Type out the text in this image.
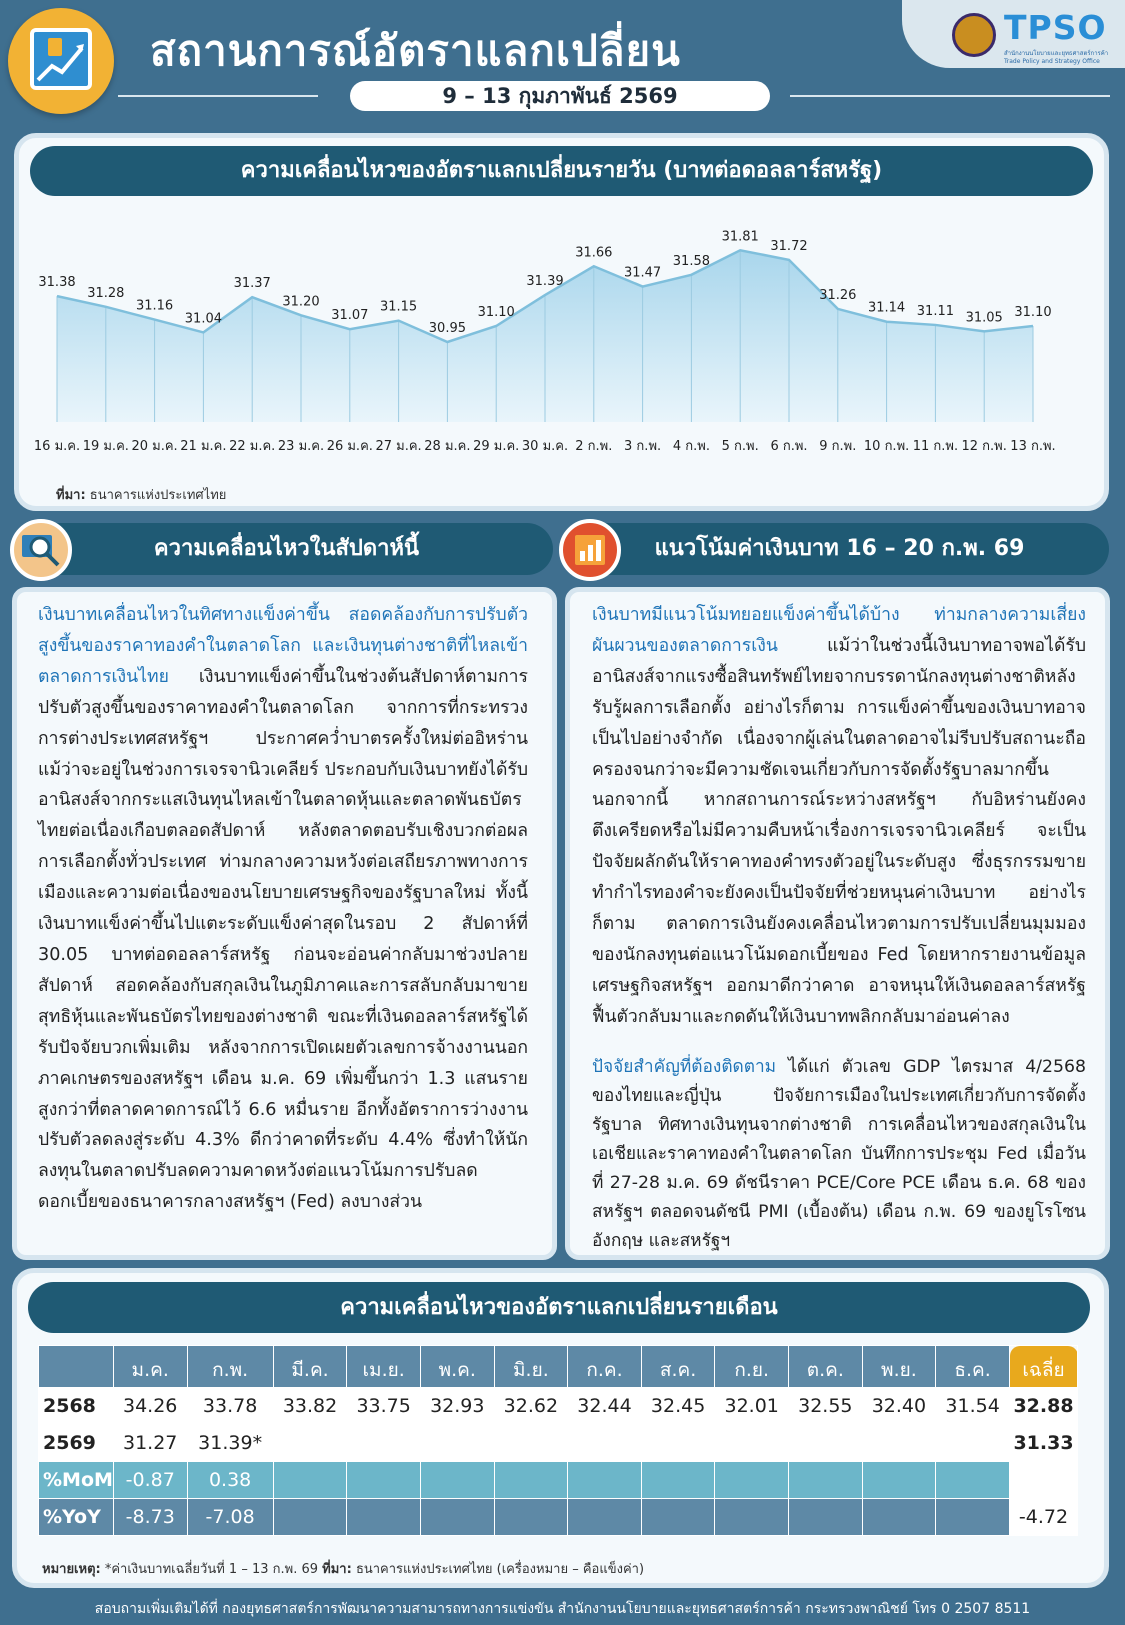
สถานการณ์อัตราแลกเปลี่ยน
9 – 13 กุมภาพันธ์ 2569
TPSO
สำนักงานนโยบายและยุทธศาสตร์การค้า Trade Policy and Strategy Office
ความเคลื่อนไหวของอัตราแลกเปลี่ยนรายวัน (บาทต่อดอลลาร์สหรัฐ)
31.38
31.28
31.16
31.04
31.37
31.20
31.07
31.15
30.95
31.10
31.39
31.66
31.47
31.58
31.81
31.72
31.26
31.14 31.11 31.05 31.10
16 ม.ค. 19 ม.ค. 20 ม.ค. 21 ม.ค. 22 ม.ค. 23 ม.ค. 26 ม.ค. 27 ม.ค. 28 ม.ค. 29 ม.ค. 30 ม.ค. 2 ก.พ. 3 ก.พ. 4 ก.พ. 5 ก.พ. 6 ก.พ. 9 ก.พ. 10 ก.พ. 11 ก.พ. 12 ก.พ. 13 ก.พ.
ที่มา: ธนาคารแห่งประเทศไทย
ความเคลื่อนไหวในสัปดาห์นี้	แนวโน้มค่าเงินบาท 16 – 20 ก.พ. 69
เงินบาทเคลื่อนไหวในทิศทางแข็งค่าขึ้น สอดคล้องกับการปรับตัวสูงขึ้นของราคาทองคำในตลาดโลก และเงินทุนต่างชาติที่ไหลเข้าตลาดการเงินไทย เงินบาทแข็งค่าขึ้นในช่วงต้นสัปดาห์ตามการปรับตัวสูงขึ้นของราคาทองคำในตลาดโลก จากการที่กระทรวงการต่างประเทศสหรัฐฯ ประกาศคว่ำบาตรครั้งใหม่ต่ออิหร่าน แม้ว่าจะอยู่ในช่วงการเจรจานิวเคลียร์ ประกอบกับเงินบาทยังได้รับอานิสงส์จากกระแสเงินทุนไหลเข้าในตลาดหุ้นและตลาดพันธบัตรไทยต่อเนื่องเกือบตลอดสัปดาห์ หลังตลาดตอบรับเชิงบวกต่อผลการเลือกตั้งทั่วประเทศ ท่ามกลางความหวังต่อเสถียรภาพทางการเมืองและความต่อเนื่องของนโยบายเศรษฐกิจของรัฐบาลใหม่ ทั้งนี้ เงินบาทแข็งค่าขึ้นไปแตะระดับแข็งค่าสุดในรอบ 2 สัปดาห์ที่ 30.05 บาทต่อดอลลาร์สหรัฐ ก่อนจะอ่อนค่ากลับมาช่วงปลายสัปดาห์ สอดคล้องกับสกุลเงินในภูมิภาคและการสลับกลับมาขายสุทธิหุ้นและพันธบัตรไทยของต่างชาติ ขณะที่เงินดอลลาร์สหรัฐได้รับปัจจัยบวกเพิ่มเติม หลังจากการเปิดเผยตัวเลขการจ้างงานนอกภาคเกษตรของสหรัฐฯ เดือน ม.ค. 69 เพิ่มขึ้นกว่า 1.3 แสนราย สูงกว่าที่ตลาดคาดการณ์ไว้ 6.6 หมื่นราย อีกทั้งอัตราการว่างงานปรับตัวลดลงสู่ระดับ 4.3% ดีกว่าคาดที่ระดับ 4.4% ซึ่งทำให้นักลงทุนในตลาดปรับลดความคาดหวังต่อแนวโน้มการปรับลดดอกเบี้ยของธนาคารกลางสหรัฐฯ (Fed) ลงบางส่วน
เงินบาทมีแนวโน้มทยอยแข็งค่าขึ้นได้บ้าง ท่ามกลางความเสี่ยงผันผวนของตลาดการเงิน แม้ว่าในช่วงนี้เงินบาทอาจพอได้รับอานิสงส์จากแรงซื้อสินทรัพย์ไทยจากบรรดานักลงทุนต่างชาติหลังรับรู้ผลการเลือกตั้ง อย่างไรก็ตาม การแข็งค่าขึ้นของเงินบาทอาจเป็นไปอย่างจำกัด เนื่องจากผู้เล่นในตลาดอาจไม่รีบปรับสถานะถือครองจนกว่าจะมีความชัดเจนเกี่ยวกับการจัดตั้งรัฐบาลมากขึ้น นอกจากนี้ หากสถานการณ์ระหว่างสหรัฐฯ กับอิหร่านยังคงตึงเครียดหรือไม่มีความคืบหน้าเรื่องการเจรจานิวเคลียร์ จะเป็นปัจจัยผลักดันให้ราคาทองคำทรงตัวอยู่ในระดับสูง ซึ่งธุรกรรมขายทำกำไรทองคำจะยังคงเป็นปัจจัยที่ช่วยหนุนค่าเงินบาท อย่างไรก็ตาม ตลาดการเงินยังคงเคลื่อนไหวตามการปรับเปลี่ยนมุมมองของนักลงทุนต่อแนวโน้มดอกเบี้ยของ Fed โดยหากรายงานข้อมูลเศรษฐกิจสหรัฐฯ ออกมาดีกว่าคาด อาจหนุนให้เงินดอลลาร์สหรัฐฟื้นตัวกลับมาและกดดันให้เงินบาทพลิกกลับมาอ่อนค่าลง
ปัจจัยสำคัญที่ต้องติดตาม ได้แก่ ตัวเลข GDP ไตรมาส 4/2568 ของไทยและญี่ปุ่น ปัจจัยการเมืองในประเทศเกี่ยวกับการจัดตั้งรัฐบาล ทิศทางเงินทุนจากต่างชาติ การเคลื่อนไหวของสกุลเงินในเอเชียและราคาทองคำในตลาดโลก บันทึกการประชุม Fed เมื่อวันที่ 27-28 ม.ค. 69 ดัชนีราคา PCE/Core PCE เดือน ธ.ค. 68 ของสหรัฐฯ ตลอดจนดัชนี PMI (เบื้องต้น) เดือน ก.พ. 69 ของยูโรโซน อังกฤษ และสหรัฐฯ
ความเคลื่อนไหวของอัตราแลกเปลี่ยนรายเดือน
	ม.ค.	ก.พ.	มี.ค.	เม.ย.	พ.ค.	มิ.ย.	ก.ค.	ส.ค.	ก.ย.	ต.ค.	พ.ย.	ธ.ค.	เฉลี่ย
2568	34.26	33.78	33.82	33.75	32.93	32.62	32.44	32.45	32.01	32.55	32.40	31.54	32.88
2569	31.27	31.39*											31.33
%MoM	-0.87	0.38											
%YoY	-8.73	-7.08											-4.72
หมายเหตุ: *ค่าเงินบาทเฉลี่ยวันที่ 1 – 13 ก.พ. 69 ที่มา: ธนาคารแห่งประเทศไทย (เครื่องหมาย – คือแข็งค่า)
สอบถามเพิ่มเติมได้ที่ กองยุทธศาสตร์การพัฒนาความสามารถทางการแข่งขัน สำนักงานนโยบายและยุทธศาสตร์การค้า กระทรวงพาณิชย์ โทร 0 2507 8511
